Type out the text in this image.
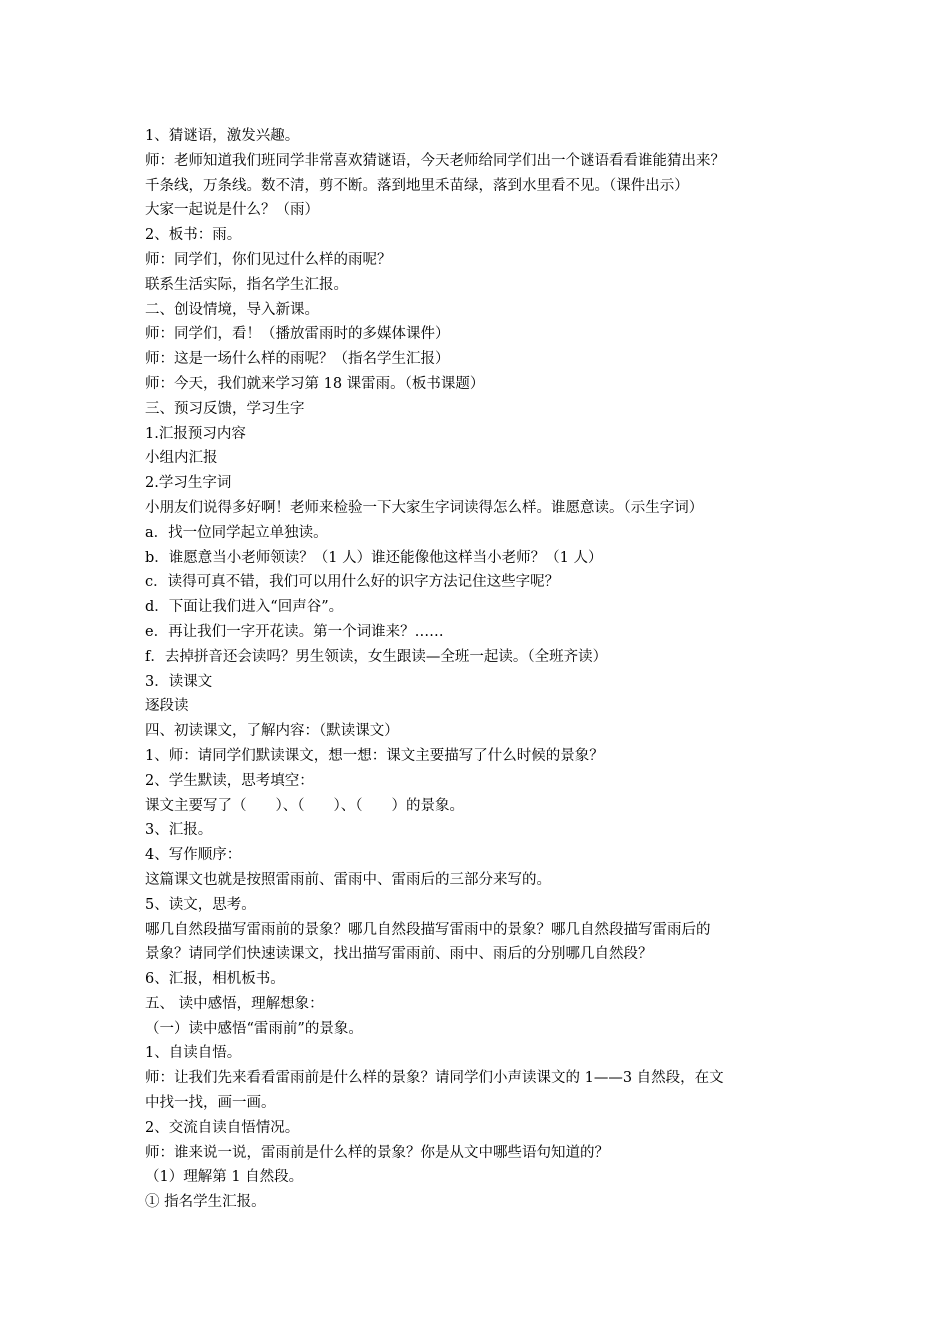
1、猜谜语，激发兴趣。
师：老师知道我们班同学非常喜欢猜谜语，今天老师给同学们出一个谜语看看谁能猜出来？
千条线，万条线。数不清，剪不断。落到地里禾苗绿，落到水里看不见。（课件出示）
大家一起说是什么？（雨）
2、板书：雨。
师：同学们，你们见过什么样的雨呢？
联系生活实际，指名学生汇报。
二、创设情境，导入新课。
师：同学们，看！（播放雷雨时的多媒体课件）
师：这是一场什么样的雨呢？（指名学生汇报）
师：今天，我们就来学习第 18 课雷雨。（板书课题）
三、预习反馈，学习生字
1.汇报预习内容
小组内汇报
2.学习生字词
小朋友们说得多好啊！老师来检验一下大家生字词读得怎么样。谁愿意读。（示生字词）
a．找一位同学起立单独读。
b．谁愿意当小老师领读？（1 人）谁还能像他这样当小老师？（1 人）
c．读得可真不错，我们可以用什么好的识字方法记住这些字呢？
d．下面让我们进入“回声谷”。
e．再让我们一字开花读。第一个词谁来？……
f．去掉拼音还会读吗？男生领读，女生跟读—全班一起读。（全班齐读）
3．读课文
逐段读
四、初读课文，了解内容：（默读课文）
1、师：请同学们默读课文，想一想：课文主要描写了什么时候的景象？
2、学生默读，思考填空：
课文主要写了（　　）、（　　）、（　　）的景象。
3、汇报。
4、写作顺序：
这篇课文也就是按照雷雨前、雷雨中、雷雨后的三部分来写的。
5、读文，思考。
哪几自然段描写雷雨前的景象？哪几自然段描写雷雨中的景象？哪几自然段描写雷雨后的
景象？请同学们快速读课文，找出描写雷雨前、雨中、雨后的分别哪几自然段？
6、汇报，相机板书。
五、 读中感悟，理解想象：
（一）读中感悟“雷雨前”的景象。
1、自读自悟。
师：让我们先来看看雷雨前是什么样的景象？请同学们小声读课文的 1——3 自然段，在文
中找一找，画一画。
2、交流自读自悟情况。
师：谁来说一说，雷雨前是什么样的景象？你是从文中哪些语句知道的？
（1）理解第 1 自然段。
① 指名学生汇报。
